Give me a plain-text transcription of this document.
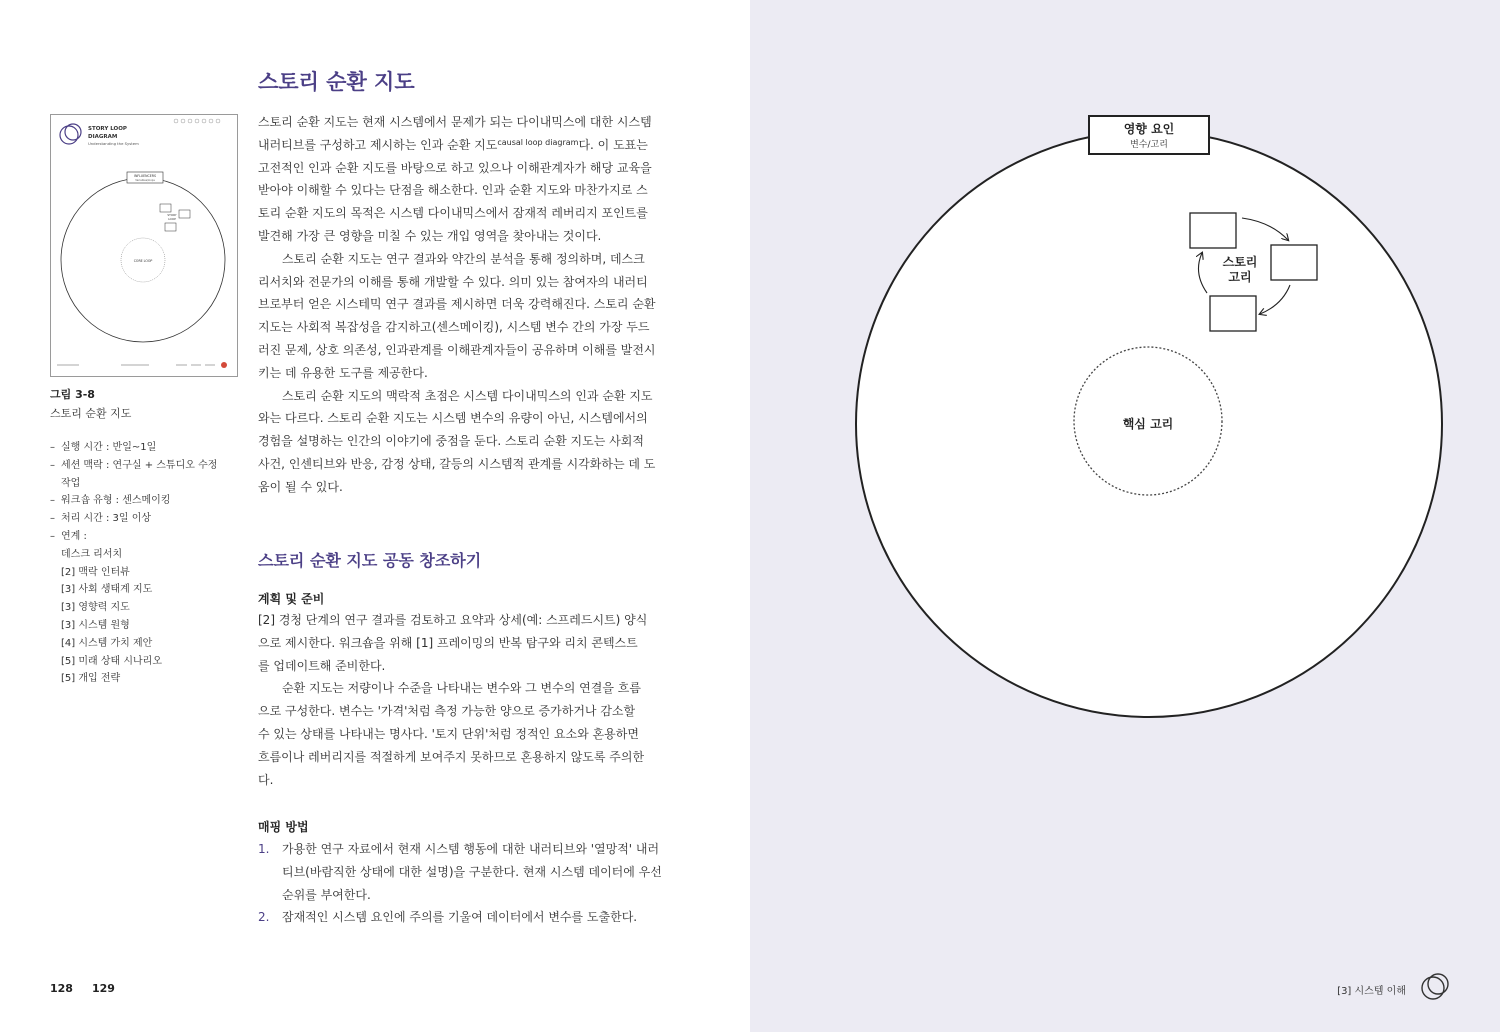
스토리 순환 지도

스토리 순환 지도는 현재 시스템에서 문제가 되는 다이내믹스에 대한 시스템 내러티브를 구성하고 제시하는 인과 순환 지도$^{causal loop diagram}$다. 이 도표는 고전적인 인과 순환 지도를 바탕으로 하고 있으나 이해관계자가 해당 교육을 받아야 이해할 수 있다는 단점을 해소한다. 인과 순환 지도와 마찬가지로 스토리 순환 지도의 목적은 시스템 다이내믹스에서 잠재적 레버리지 포인트를 발견해 가장 큰 영향을 미칠 수 있는 개입 영역을 찾아내는 것이다.

스토리 순환 지도는 연구 결과와 약간의 분석을 통해 정의하며, 데스크 리서치와 전문가의 이해를 통해 개발할 수 있다. 의미 있는 참여자의 내러티브로부터 얻은 시스테믹 연구 결과를 제시하면 더욱 강력해진다. 스토리 순환 지도는 사회적 복잡성을 감지하고(센스메이킹), 시스템 변수 간의 가장 두드러진 문제, 상호 의존성, 인과관계를 이해관계자들이 공유하며 이해를 발전시키는 데 유용한 도구를 제공한다.

스토리 순환 지도의 맥락적 초점은 시스템 다이내믹스의 인과 순환 지도와는 다르다. 스토리 순환 지도는 시스템 변수의 유량이 아닌, 시스템에서의 경험을 설명하는 인간의 이야기에 중점을 둔다. 스토리 순환 지도는 사회적 사건, 인센티브와 반응, 감정 상태, 갈등의 시스템적 관계를 시각화하는 데 도움이 될 수 있다.

스토리 순환 지도 공동 창조하기
계획 및 준비

[2] 경청 단계의 연구 결과를 검토하고 요약과 상세(예: 스프레드시트) 양식으로 제시한다. 워크숍을 위해 [1] 프레이밍의 반복 탐구와 리치 콘텍스트를 업데이트해 준비한다.

순환 지도는 저량이나 수준을 나타내는 변수와 그 변수의 연결을 흐름으로 구성한다. 변수는 '가격'처럼 측정 가능한 양으로 증가하거나 감소할 수 있는 상태를 나타내는 명사다. '토지 단위'처럼 정적인 요소와 혼용하면 흐름이나 레버리지를 적절하게 보여주지 못하므로 혼용하지 않도록 주의한다.

매핑 방법
1. 가용한 연구 자료에서 현재 시스템 행동에 대한 내러티브와 '열망적' 내러티브(바람직한 상태에 대한 설명)을 구분한다. 현재 시스템 데이터에 우선순위를 부여한다.
2. 잠재적인 시스템 요인에 주의를 기울여 데이터에서 변수를 도출한다.
STORY LOOP
DIAGRAM
Understanding the System
INFLUENCERS
Variables/loops
STORY
LOOP
CORE LOOP
그림 3-8
스토리 순환 지도
– 실행 시간 : 반일~1일
– 세션 맥락 : 연구실 + 스튜디오 수정 작업
– 워크숍 유형 : 센스메이킹
– 처리 시간 : 3일 이상
– 연계 :
데스크 리서치
[2] 맥락 인터뷰
[3] 사회 생태계 지도
[3] 영향력 지도
[3] 시스템 원형
[4] 시스템 가치 제안
[5] 미래 상태 시나리오
[5] 개입 전략
128 129
영향 요인
변수/고리
스토리
고리
핵심 고리
[3] 시스템 이해
